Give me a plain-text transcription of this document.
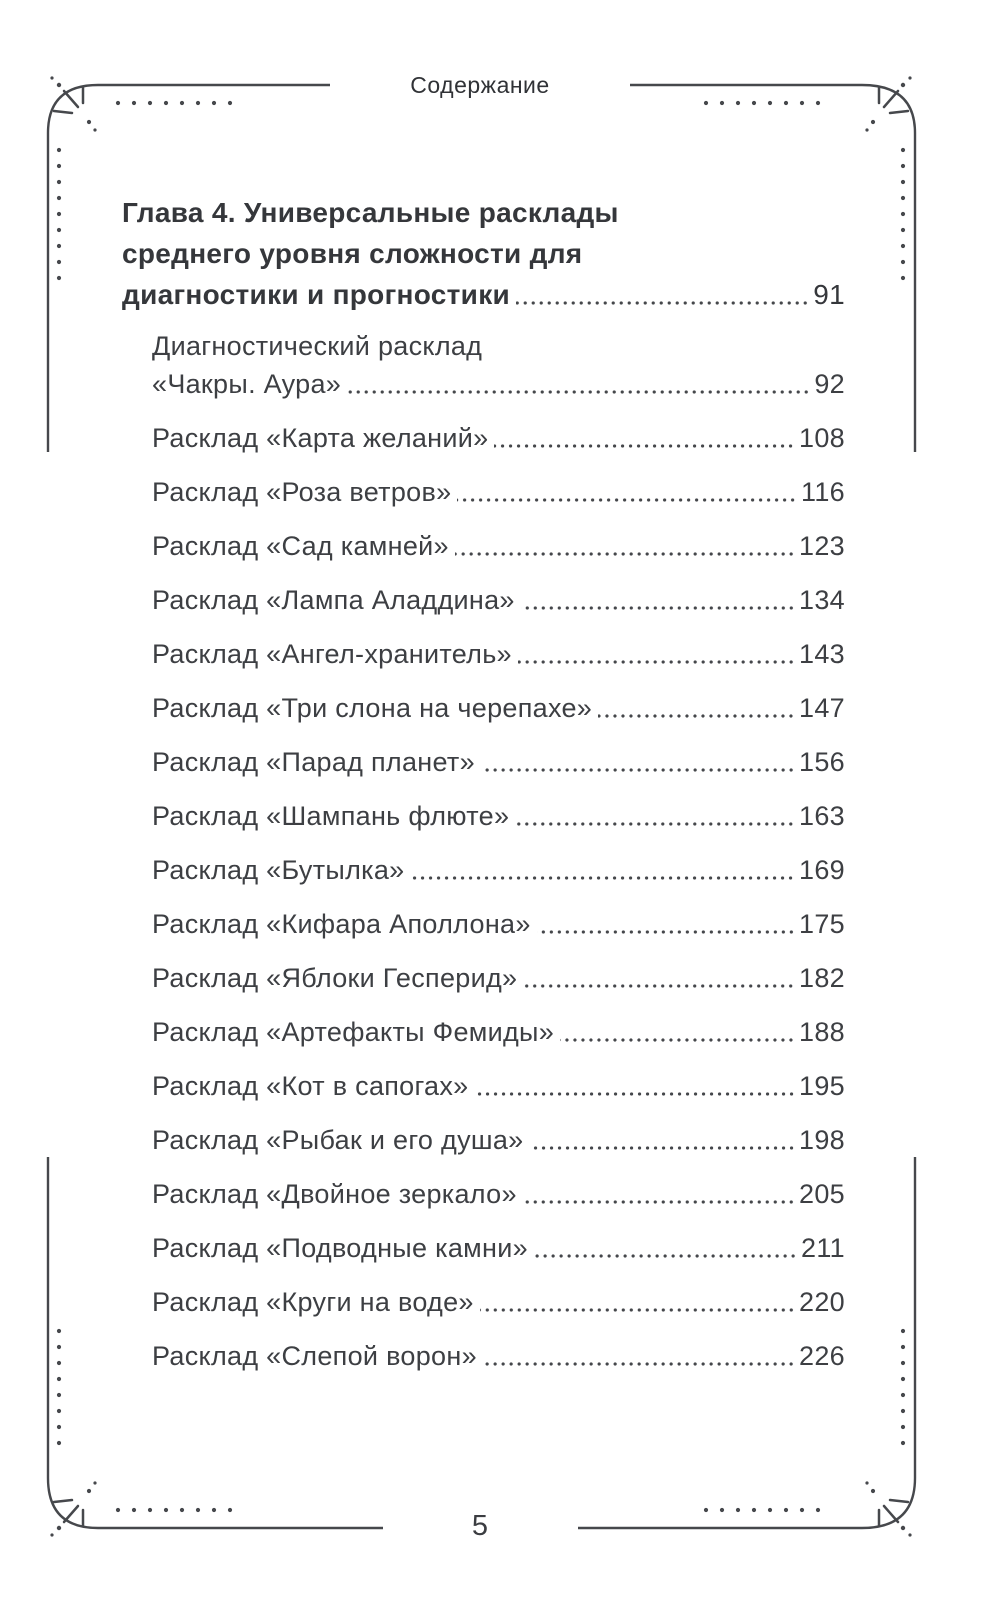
Содержание
Глава 4. Универсальные расклады
среднего уровня сложности для
диагностики и прогностики	91
Диагностический расклад
«Чакры. Аура»	92
Расклад «Карта желаний»	108
Расклад «Роза ветров»	116
Расклад «Сад камней»	123
Расклад «Лампа Аладдина»	134
Расклад «Ангел-хранитель»	143
Расклад «Три слона на черепахе»	147
Расклад «Парад планет»	156
Расклад «Шампань флюте»	163
Расклад «Бутылка»	169
Расклад «Кифара Аполлона»	175
Расклад «Яблоки Гесперид»	182
Расклад «Артефакты Фемиды»	188
Расклад «Кот в сапогах»	195
Расклад «Рыбак и его душа»	198
Расклад «Двойное зеркало»	205
Расклад «Подводные камни»	211
Расклад «Круги на воде»	220
Расклад «Слепой ворон»	226
5
